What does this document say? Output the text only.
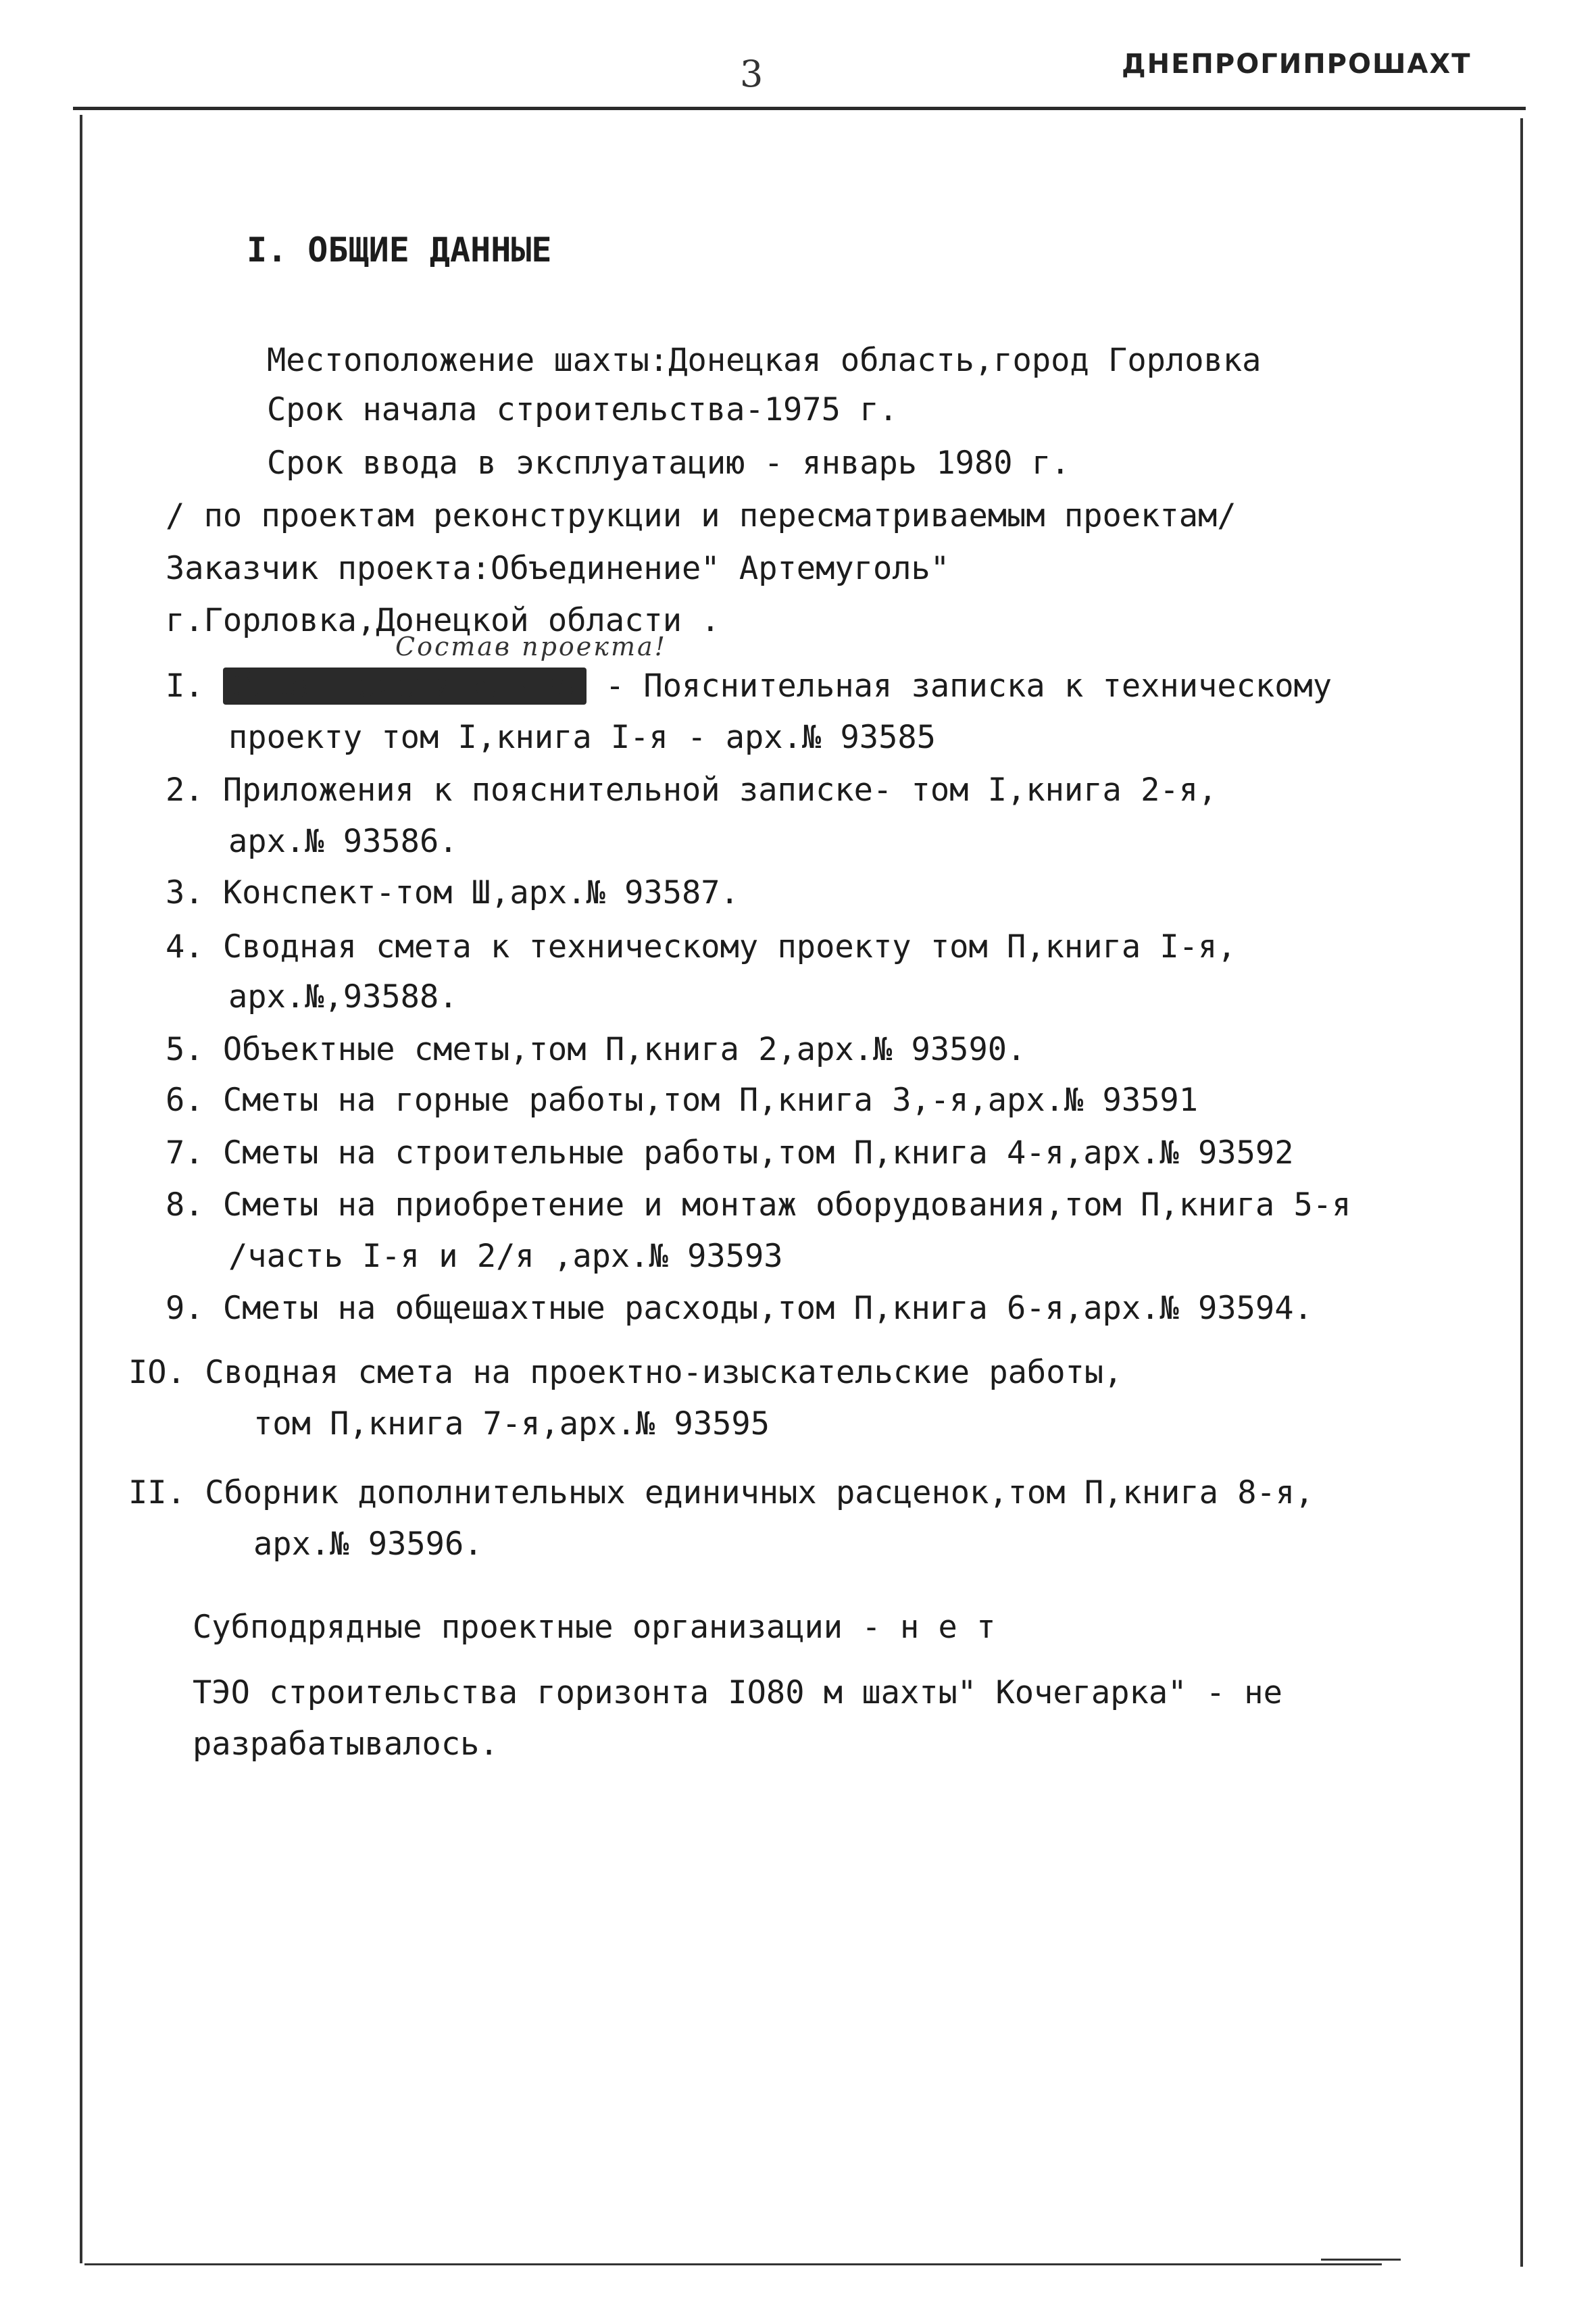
3	ДНЕПРОГИПРОШАХТ
I. ОБЩИЕ ДАННЫЕ
Местоположение шахты:Донецкая область,город Горловка
Срок начала строительства-1975 г.
Срок ввода в эксплуатацию - январь 1980 г.
/ по проектам реконструкции и пересматриваемым проектам/
Заказчик проекта:Объединение" Артемуголь"
г.Горловка,Донецкой области .
Состав проекта!
I. Общая пояснительная - Пояснительная записка к техническому
проекту том I,книга I-я - арх.№ 93585
2. Приложения к пояснительной записке- том I,книга 2-я,
арх.№ 93586.
3. Конспект-том Ш,арх.№ 93587.
4. Сводная смета к техническому проекту том П,книга I-я,
арх.№,93588.
5. Объектные сметы,том П,книга 2,арх.№ 93590.
6. Сметы на горные работы,том П,книга 3,-я,арх.№ 93591
7. Сметы на строительные работы,том П,книга 4-я,арх.№ 93592
8. Сметы на приобретение и монтаж оборудования,том П,книга 5-я
/часть I-я и 2/я ,арх.№ 93593
9. Сметы на общешахтные расходы,том П,книга 6-я,арх.№ 93594.
IO. Сводная смета на проектно-изыскательские работы,
том П,книга 7-я,арх.№ 93595
II. Сборник дополнительных единичных расценок,том П,книга 8-я,
арх.№ 93596.
Субподрядные проектные организации - н е т
ТЭО строительства горизонта IO80 м шахты" Кочегарка" - не
разрабатывалось.
